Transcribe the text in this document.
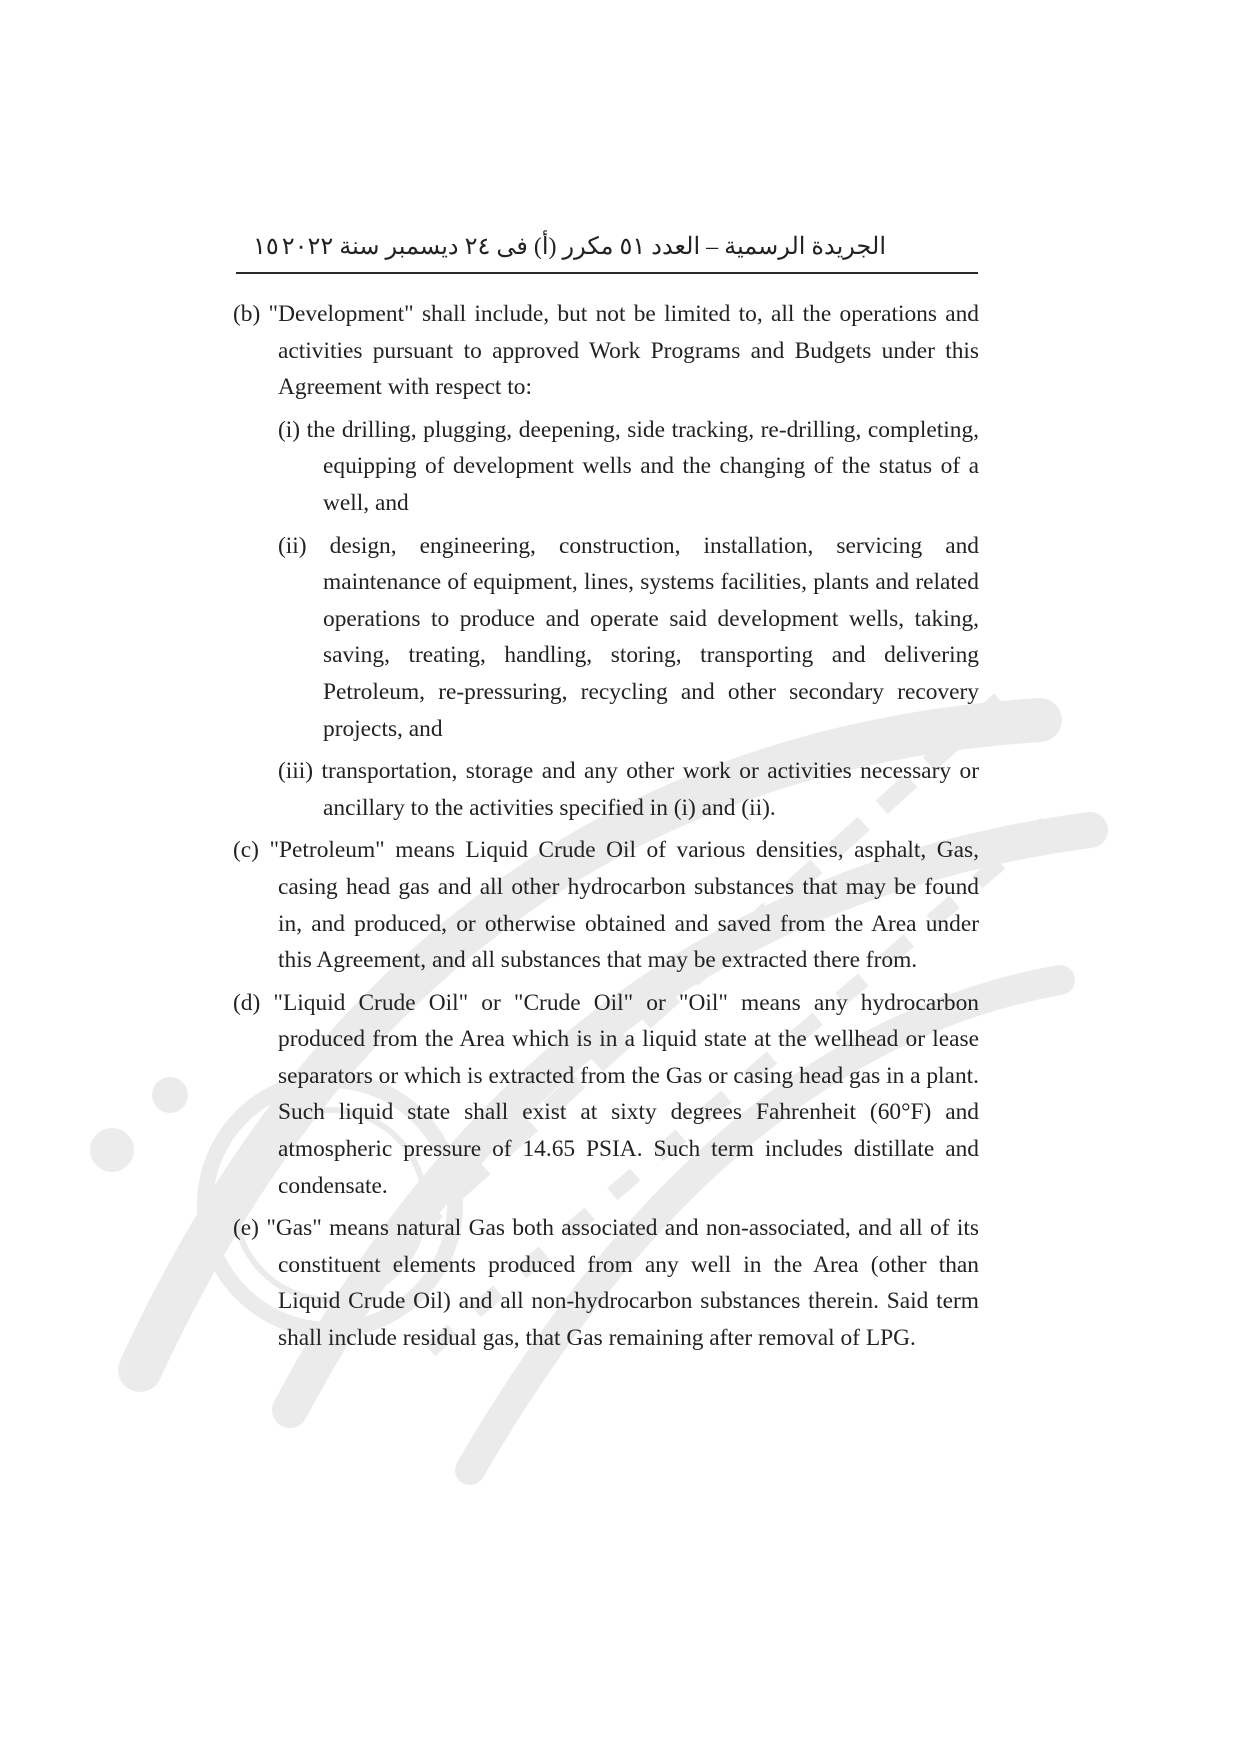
الجريدة الرسمية – العدد ٥١ مكرر (أ) فى ٢٤ ديسمبر سنة ٢٠٢٢
١٥

(b) "Development" shall include, but not be limited to, all the operations and activities pursuant to approved Work Programs and Budgets under this Agreement with respect to:

(i) the drilling, plugging, deepening, side tracking, re-drilling, completing, equipping of development wells and the changing of the status of a well, and

(ii) design, engineering, construction, installation, servicing and maintenance of equipment, lines, systems facilities, plants and related operations to produce and operate said development wells, taking, saving, treating, handling, storing, transporting and delivering Petroleum, re-pressuring, recycling and other secondary recovery projects, and

(iii) transportation, storage and any other work or activities necessary or ancillary to the activities specified in (i) and (ii).

(c) "Petroleum" means Liquid Crude Oil of various densities, asphalt, Gas, casing head gas and all other hydrocarbon substances that may be found in, and produced, or otherwise obtained and saved from the Area under this Agreement, and all substances that may be extracted there from.

(d) "Liquid Crude Oil" or "Crude Oil" or "Oil" means any hydrocarbon produced from the Area which is in a liquid state at the wellhead or lease separators or which is extracted from the Gas or casing head gas in a plant. Such liquid state shall exist at sixty degrees Fahrenheit (60°F) and atmospheric pressure of 14.65 PSIA. Such term includes distillate and condensate.

(e) "Gas" means natural Gas both associated and non-associated, and all of its constituent elements produced from any well in the Area (other than Liquid Crude Oil) and all non-hydrocarbon substances therein. Said term shall include residual gas, that Gas remaining after removal of LPG.
